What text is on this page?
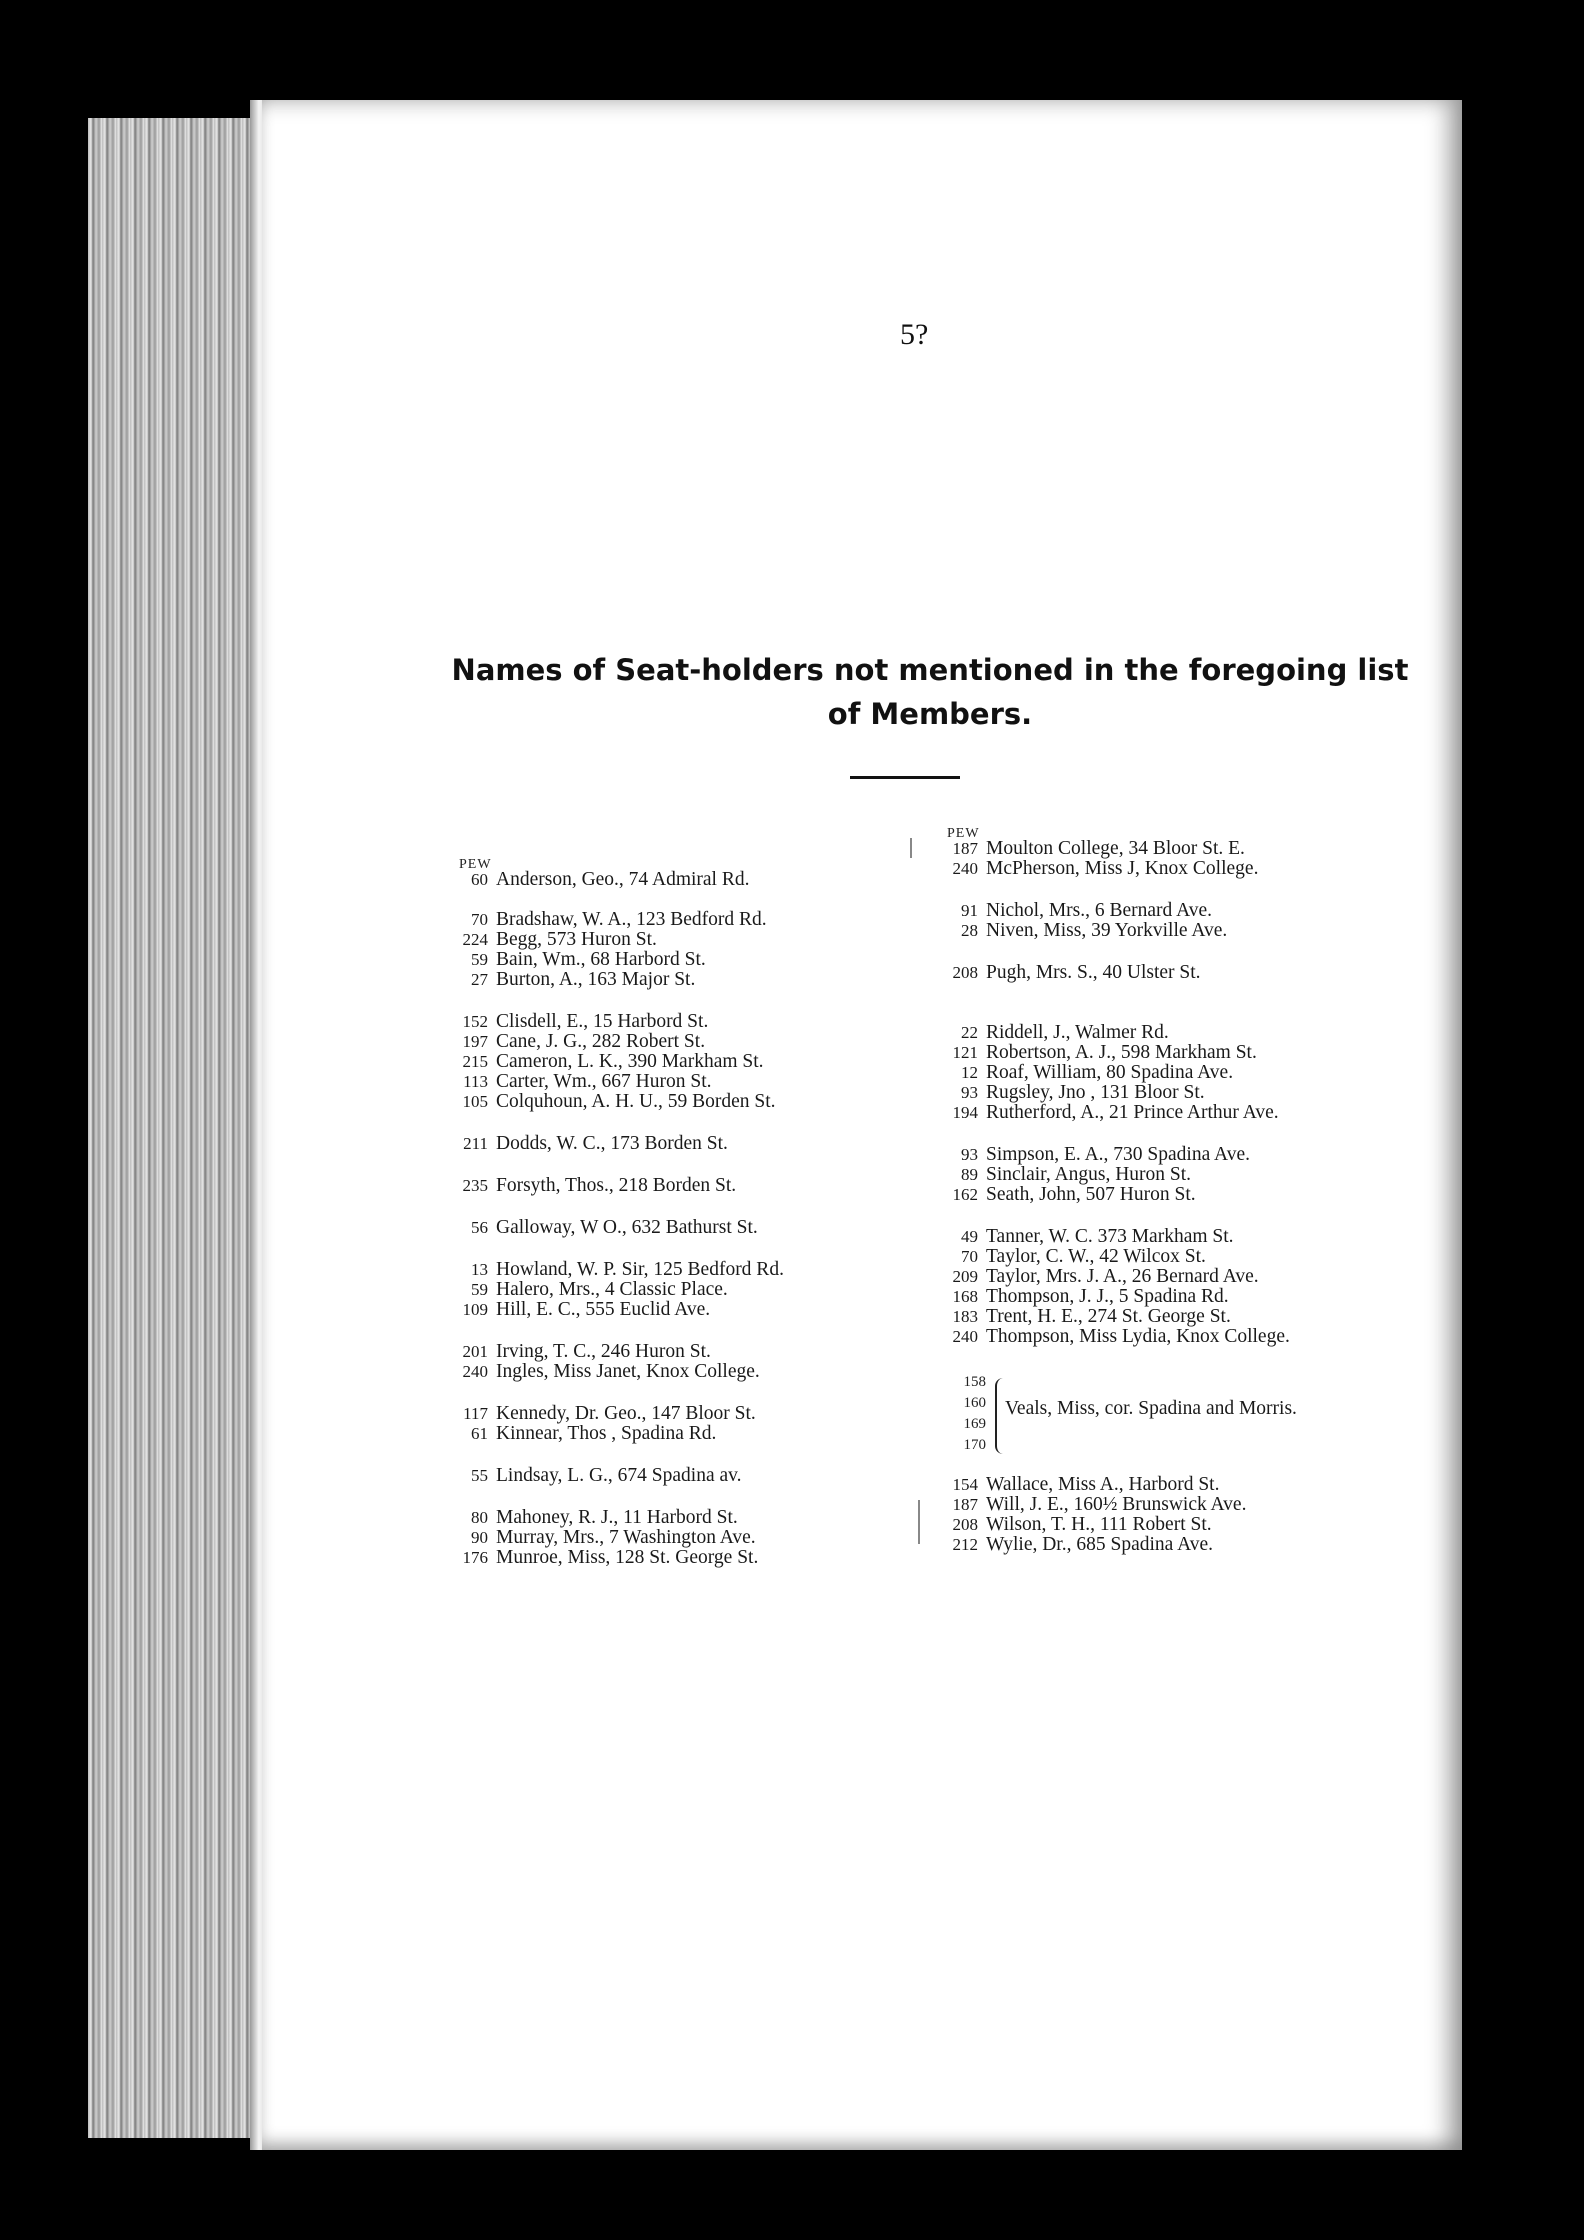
5?
Names of Seat-holders not mentioned in the foregoing list
of Members.
PEW
PEW
60 Anderson, Geo., 74 Admiral Rd.
70 Bradshaw, W. A., 123 Bedford Rd.
224 Begg, 573 Huron St.
59 Bain, Wm., 68 Harbord St.
27 Burton, A., 163 Major St.
152 Clisdell, E., 15 Harbord St.
197 Cane, J. G., 282 Robert St.
215 Cameron, L. K., 390 Markham St.
113 Carter, Wm., 667 Huron St.
105 Colquhoun, A. H. U., 59 Borden St.
211 Dodds, W. C., 173 Borden St.
235 Forsyth, Thos., 218 Borden St.
56 Galloway, W O., 632 Bathurst St.
13 Howland, W. P. Sir, 125 Bedford Rd.
59 Halero, Mrs., 4 Classic Place.
109 Hill, E. C., 555 Euclid Ave.
201 Irving, T. C., 246 Huron St.
240 Ingles, Miss Janet, Knox College.
117 Kennedy, Dr. Geo., 147 Bloor St.
61 Kinnear, Thos , Spadina Rd.
55 Lindsay, L. G., 674 Spadina av.
80 Mahoney, R. J., 11 Harbord St.
90 Murray, Mrs., 7 Washington Ave.
176 Munroe, Miss, 128 St. George St.
187 Moulton College, 34 Bloor St. E.
240 McPherson, Miss J, Knox College.
91 Nichol, Mrs., 6 Bernard Ave.
28 Niven, Miss, 39 Yorkville Ave.
208 Pugh, Mrs. S., 40 Ulster St.
22 Riddell, J., Walmer Rd.
121 Robertson, A. J., 598 Markham St.
12 Roaf, William, 80 Spadina Ave.
93 Rugsley, Jno , 131 Bloor St.
194 Rutherford, A., 21 Prince Arthur Ave.
93 Simpson, E. A., 730 Spadina Ave.
89 Sinclair, Angus, Huron St.
162 Seath, John, 507 Huron St.
49 Tanner, W. C. 373 Markham St.
70 Taylor, C. W., 42 Wilcox St.
209 Taylor, Mrs. J. A., 26 Bernard Ave.
168 Thompson, J. J., 5 Spadina Rd.
183 Trent, H. E., 274 St. George St.
240 Thompson, Miss Lydia, Knox College.
154 Wallace, Miss A., Harbord St.
187 Will, J. E., 160½ Brunswick Ave.
208 Wilson, T. H., 111 Robert St.
212 Wylie, Dr., 685 Spadina Ave.
158
160
169
170
Veals, Miss, cor. Spadina and Morris.
